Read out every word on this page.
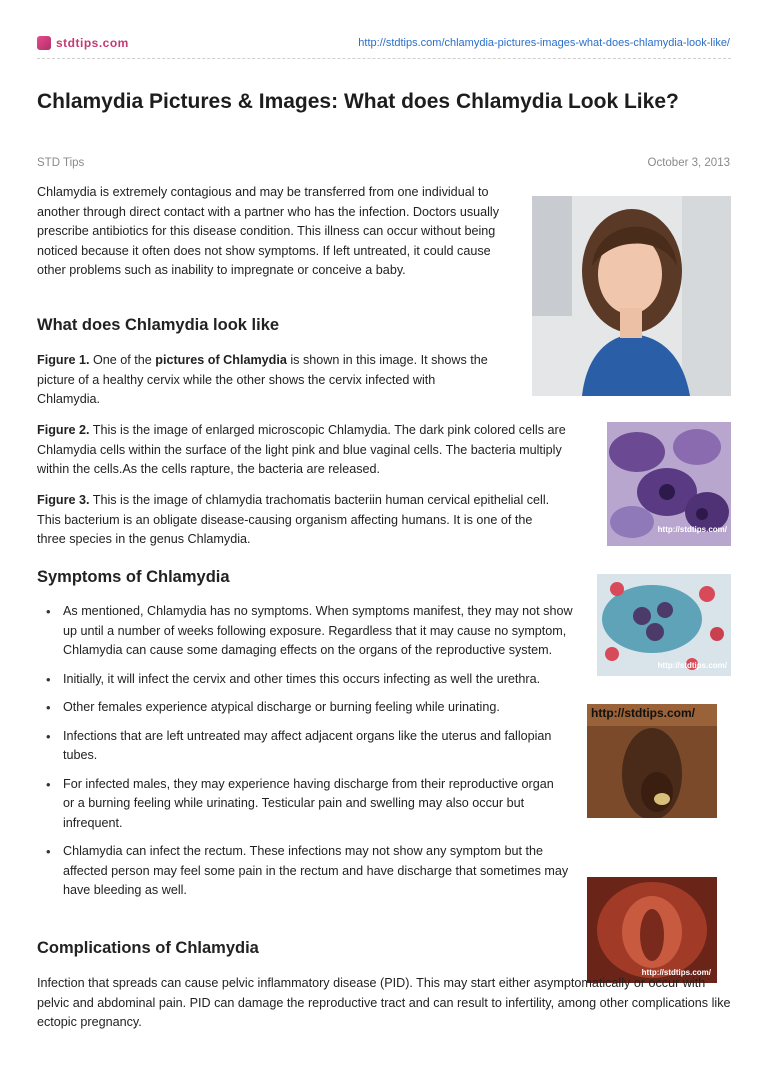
stdtips.com	http://stdtips.com/chlamydia-pictures-images-what-does-chlamydia-look-like/
Chlamydia Pictures & Images: What does Chlamydia Look Like?
STD Tips	October 3, 2013
Chlamydia is extremely contagious and may be transferred from one individual to another through direct contact with a partner who has the infection. Doctors usually prescribe antibiotics for this disease condition. This illness can occur without being noticed because it often does not show symptoms. If left untreated, it could cause other problems such as inability to impregnate or conceive a baby.
What does Chlamydia look like
Figure 1. One of the pictures of Chlamydia is shown in this image. It shows the picture of a healthy cervix while the other shows the cervix infected with Chlamydia.
Figure 2. This is the image of enlarged microscopic Chlamydia. The dark pink colored cells are Chlamydia cells within the surface of the light pink and blue vaginal cells. The bacteria multiply within the cells.As the cells rapture, the bacteria are released.
Figure 3. This is the image of chlamydia trachomatis bacteriin human cervical epithelial cell. This bacterium is an obligate disease-causing organism affecting humans. It is one of the three species in the genus Chlamydia.
http://stdtips.com/
Symptoms of Chlamydia
• As mentioned, Chlamydia has no symptoms. When symptoms manifest, they may not show up until a number of weeks following exposure. Regardless that it may cause no symptom, Chlamydia can cause some damaging effects on the organs of the reproductive system.
• Initially, it will infect the cervix and other times this occurs infecting as well the urethra.
• Other females experience atypical discharge or burning feeling while urinating.
• Infections that are left untreated may affect adjacent organs like the uterus and fallopian tubes.
• For infected males, they may experience having discharge from their reproductive organ or a burning feeling while urinating. Testicular pain and swelling may also occur but infrequent.
• Chlamydia can infect the rectum. These infections may not show any symptom but the affected person may feel some pain in the rectum and have discharge that sometimes may have bleeding as well.
http://stdtips.com/
http://stdtips.com/
http://stdtips.com/
Complications of Chlamydia
Infection that spreads can cause pelvic inflammatory disease (PID). This may start either asymptomatically or occur with pelvic and abdominal pain. PID can damage the reproductive tract and can result to infertility, among other complications like ectopic pregnancy.
